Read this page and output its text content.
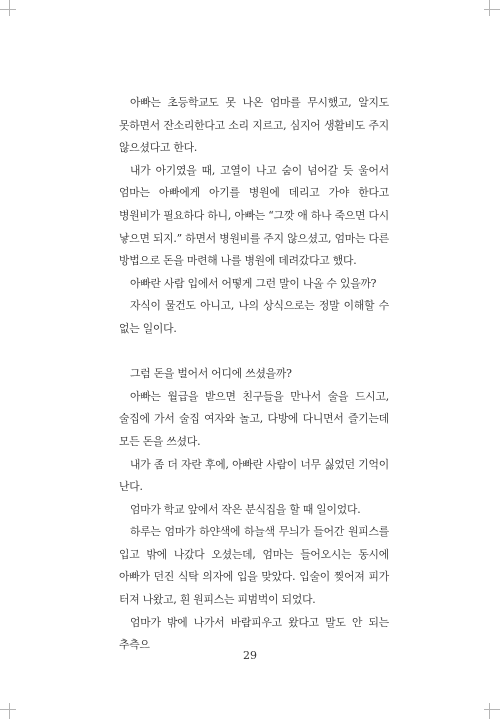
아빠는 초등학교도 못 나온 엄마를 무시했고, 알지도 못하면서 잔소리한다고 소리 지르고, 심지어 생활비도 주지 않으셨다고 한다.

내가 아기였을 때, 고열이 나고 숨이 넘어갈 듯 울어서 엄마는 아빠에게 아기를 병원에 데리고 가야 한다고 병원비가 필요하다 하니, 아빠는 “그깟 애 하나 죽으면 다시 낳으면 되지.” 하면서 병원비를 주지 않으셨고, 엄마는 다른 방법으로 돈을 마련해 나를 병원에 데려갔다고 했다.

아빠란 사람 입에서 어떻게 그런 말이 나올 수 있을까?

자식이 물건도 아니고, 나의 상식으로는 정말 이해할 수 없는 일이다.

그럼 돈을 벌어서 어디에 쓰셨을까?

아빠는 월급을 받으면 친구들을 만나서 술을 드시고, 술집에 가서 술집 여자와 놀고, 다방에 다니면서 즐기는데 모든 돈을 쓰셨다.

내가 좀 더 자란 후에, 아빠란 사람이 너무 싫었던 기억이 난다.

엄마가 학교 앞에서 작은 분식집을 할 때 일이었다.

하루는 엄마가 하얀색에 하늘색 무늬가 들어간 원피스를 입고 밖에 나갔다 오셨는데, 엄마는 들어오시는 동시에 아빠가 던진 식탁 의자에 입을 맞았다. 입술이 찢어져 피가 터져 나왔고, 흰 원피스는 피범벅이 되었다.

엄마가 밖에 나가서 바람피우고 왔다고 말도 안 되는 추측으

29
